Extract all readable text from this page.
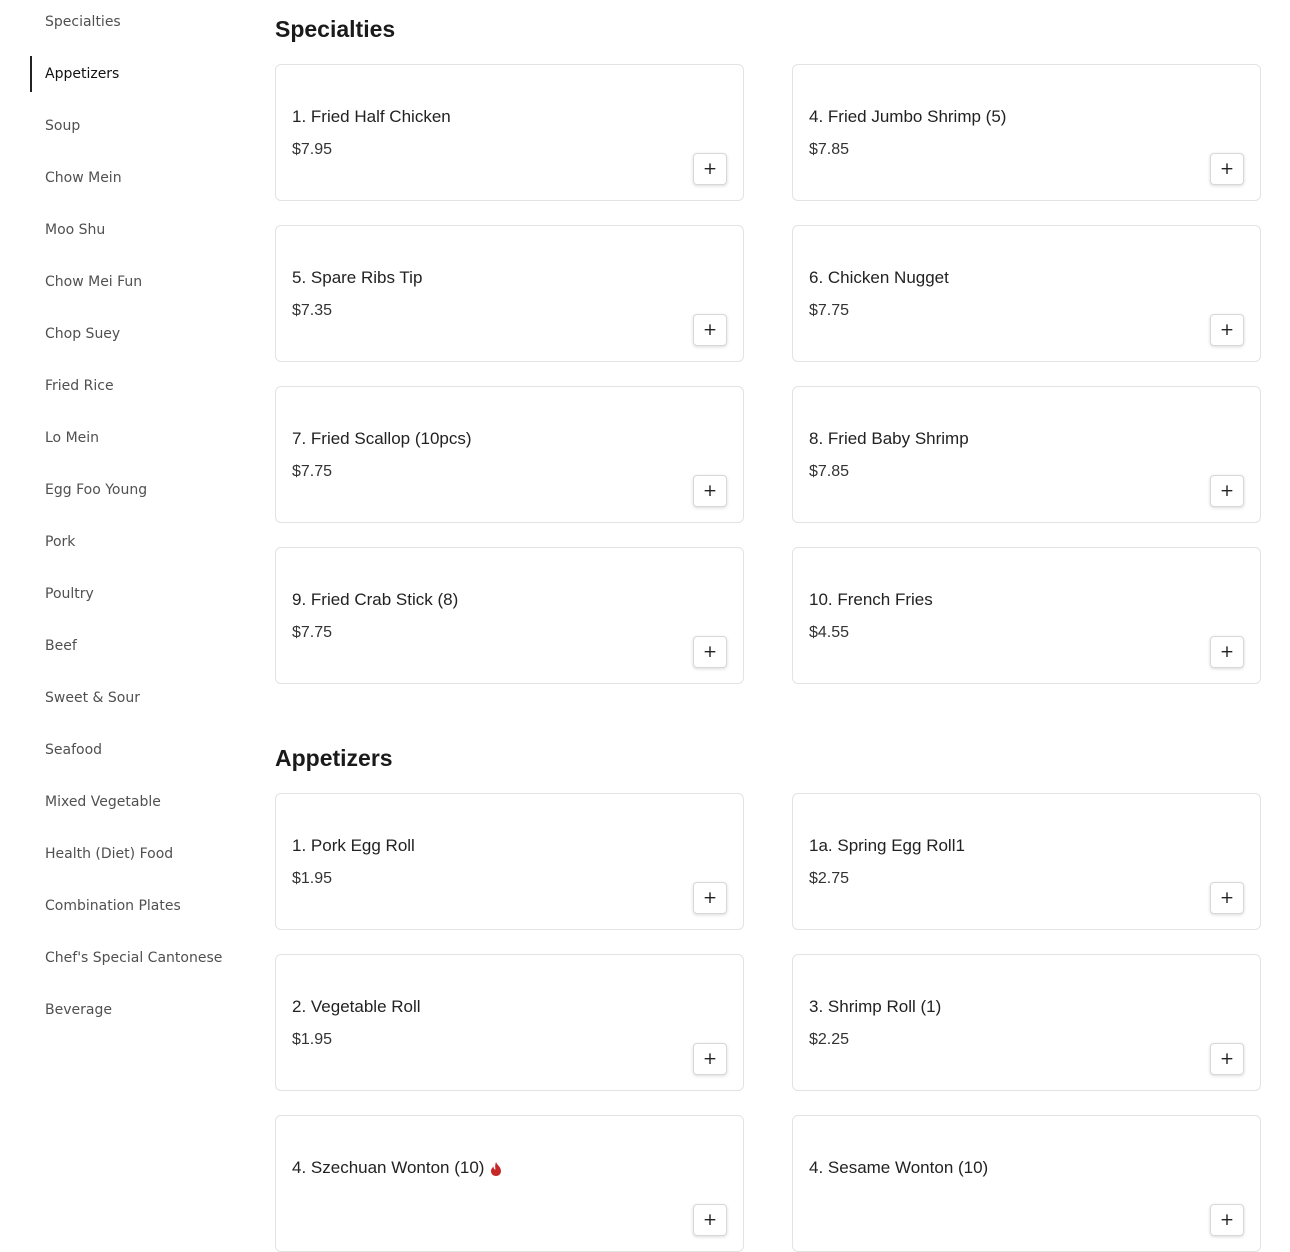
Specialties
Appetizers
Soup
Chow Mein
Moo Shu
Chow Mei Fun
Chop Suey
Fried Rice
Lo Mein
Egg Foo Young
Pork
Poultry
Beef
Sweet & Sour
Seafood
Mixed Vegetable
Health (Diet) Food
Combination Plates
Chef's Special Cantonese
Beverage
Specialties
1. Fried Half Chicken
$7.95
+
4. Fried Jumbo Shrimp (5)
$7.85
+
5. Spare Ribs Tip
$7.35
+
6. Chicken Nugget
$7.75
+
7. Fried Scallop (10pcs)
$7.75
+
8. Fried Baby Shrimp
$7.85
+
9. Fried Crab Stick (8)
$7.75
+
10. French Fries
$4.55
+
Appetizers
1. Pork Egg Roll
$1.95
+
1a. Spring Egg Roll1
$2.75
+
2. Vegetable Roll
$1.95
+
3. Shrimp Roll (1)
$2.25
+
4. Szechuan Wonton (10)
+
4. Sesame Wonton (10)
+
